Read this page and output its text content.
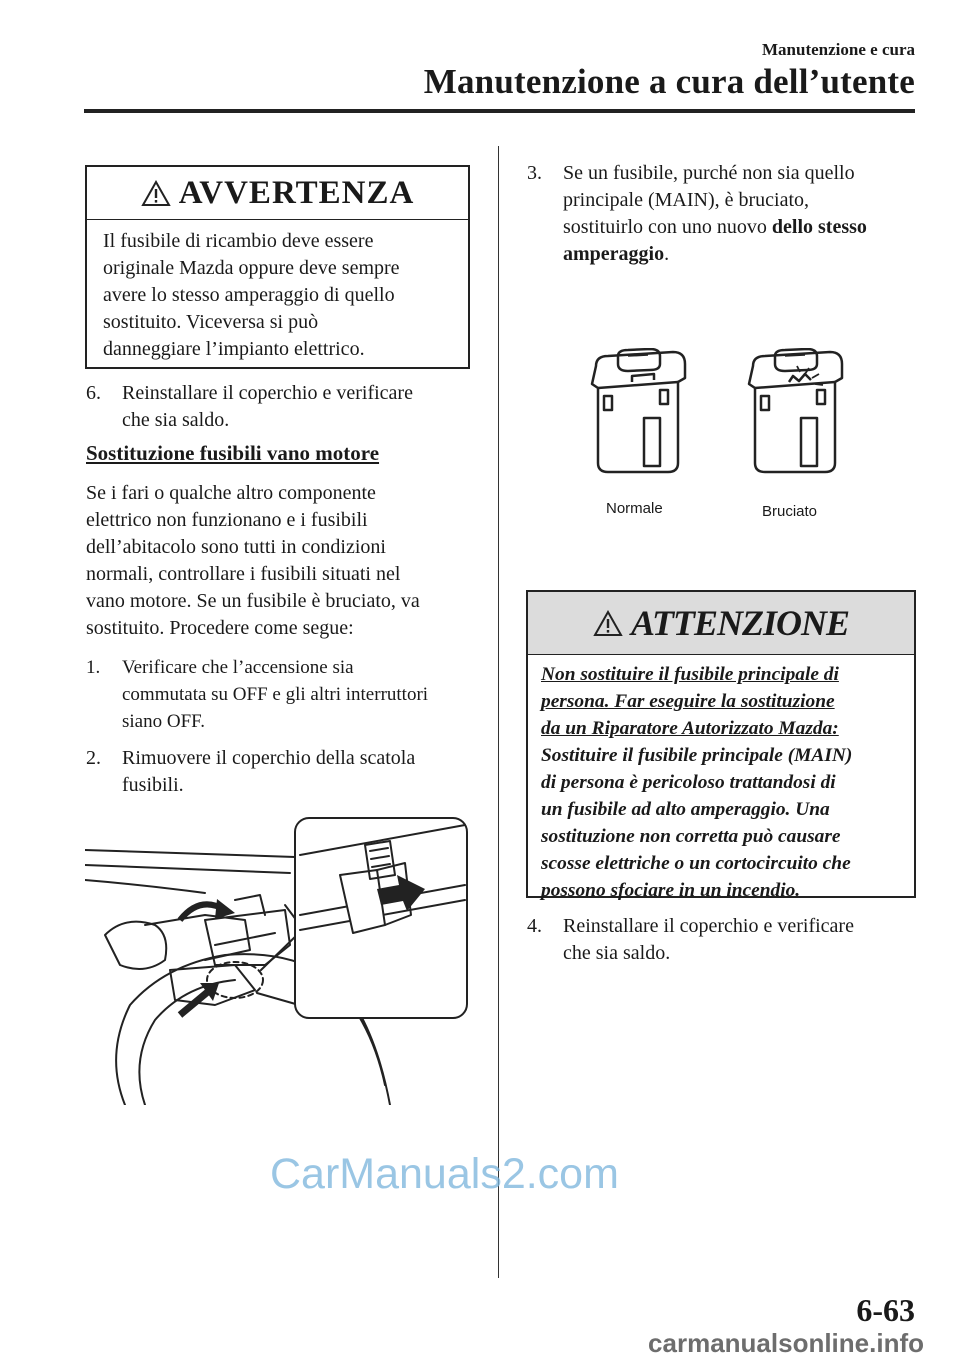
Manutenzione e cura
Manutenzione a cura dell’utente
AVVERTENZA
Il fusibile di ricambio deve essere
originale Mazda oppure deve sempre
avere lo stesso amperaggio di quello
sostituito. Viceversa si può
danneggiare l’impianto elettrico.
6.	Reinstallare il coperchio e verificare
che sia saldo.
Sostituzione fusibili vano motore
Se i fari o qualche altro componente
elettrico non funzionano e i fusibili
dell’abitacolo sono tutti in condizioni
normali, controllare i fusibili situati nel
vano motore. Se un fusibile è bruciato, va
sostituito. Procedere come segue:
1.	Verificare che l’accensione sia
commutata su OFF e gli altri interruttori
siano OFF.
2.	Rimuovere il coperchio della scatola
fusibili.
3.	Se un fusibile, purché non sia quello
principale (MAIN), è bruciato,
sostituirlo con uno nuovo dello stesso
amperaggio.
Normale	Bruciato
ATTENZIONE
Non sostituire il fusibile principale di
persona. Far eseguire la sostituzione
da un Riparatore Autorizzato Mazda:
Sostituire il fusibile principale (MAIN)
di persona è pericoloso trattandosi di
un fusibile ad alto amperaggio. Una
sostituzione non corretta può causare
scosse elettriche o un cortocircuito che
possono sfociare in un incendio.
4.	Reinstallare il coperchio e verificare
che sia saldo.
CarManuals2.com
6-63
carmanualsonline.info
